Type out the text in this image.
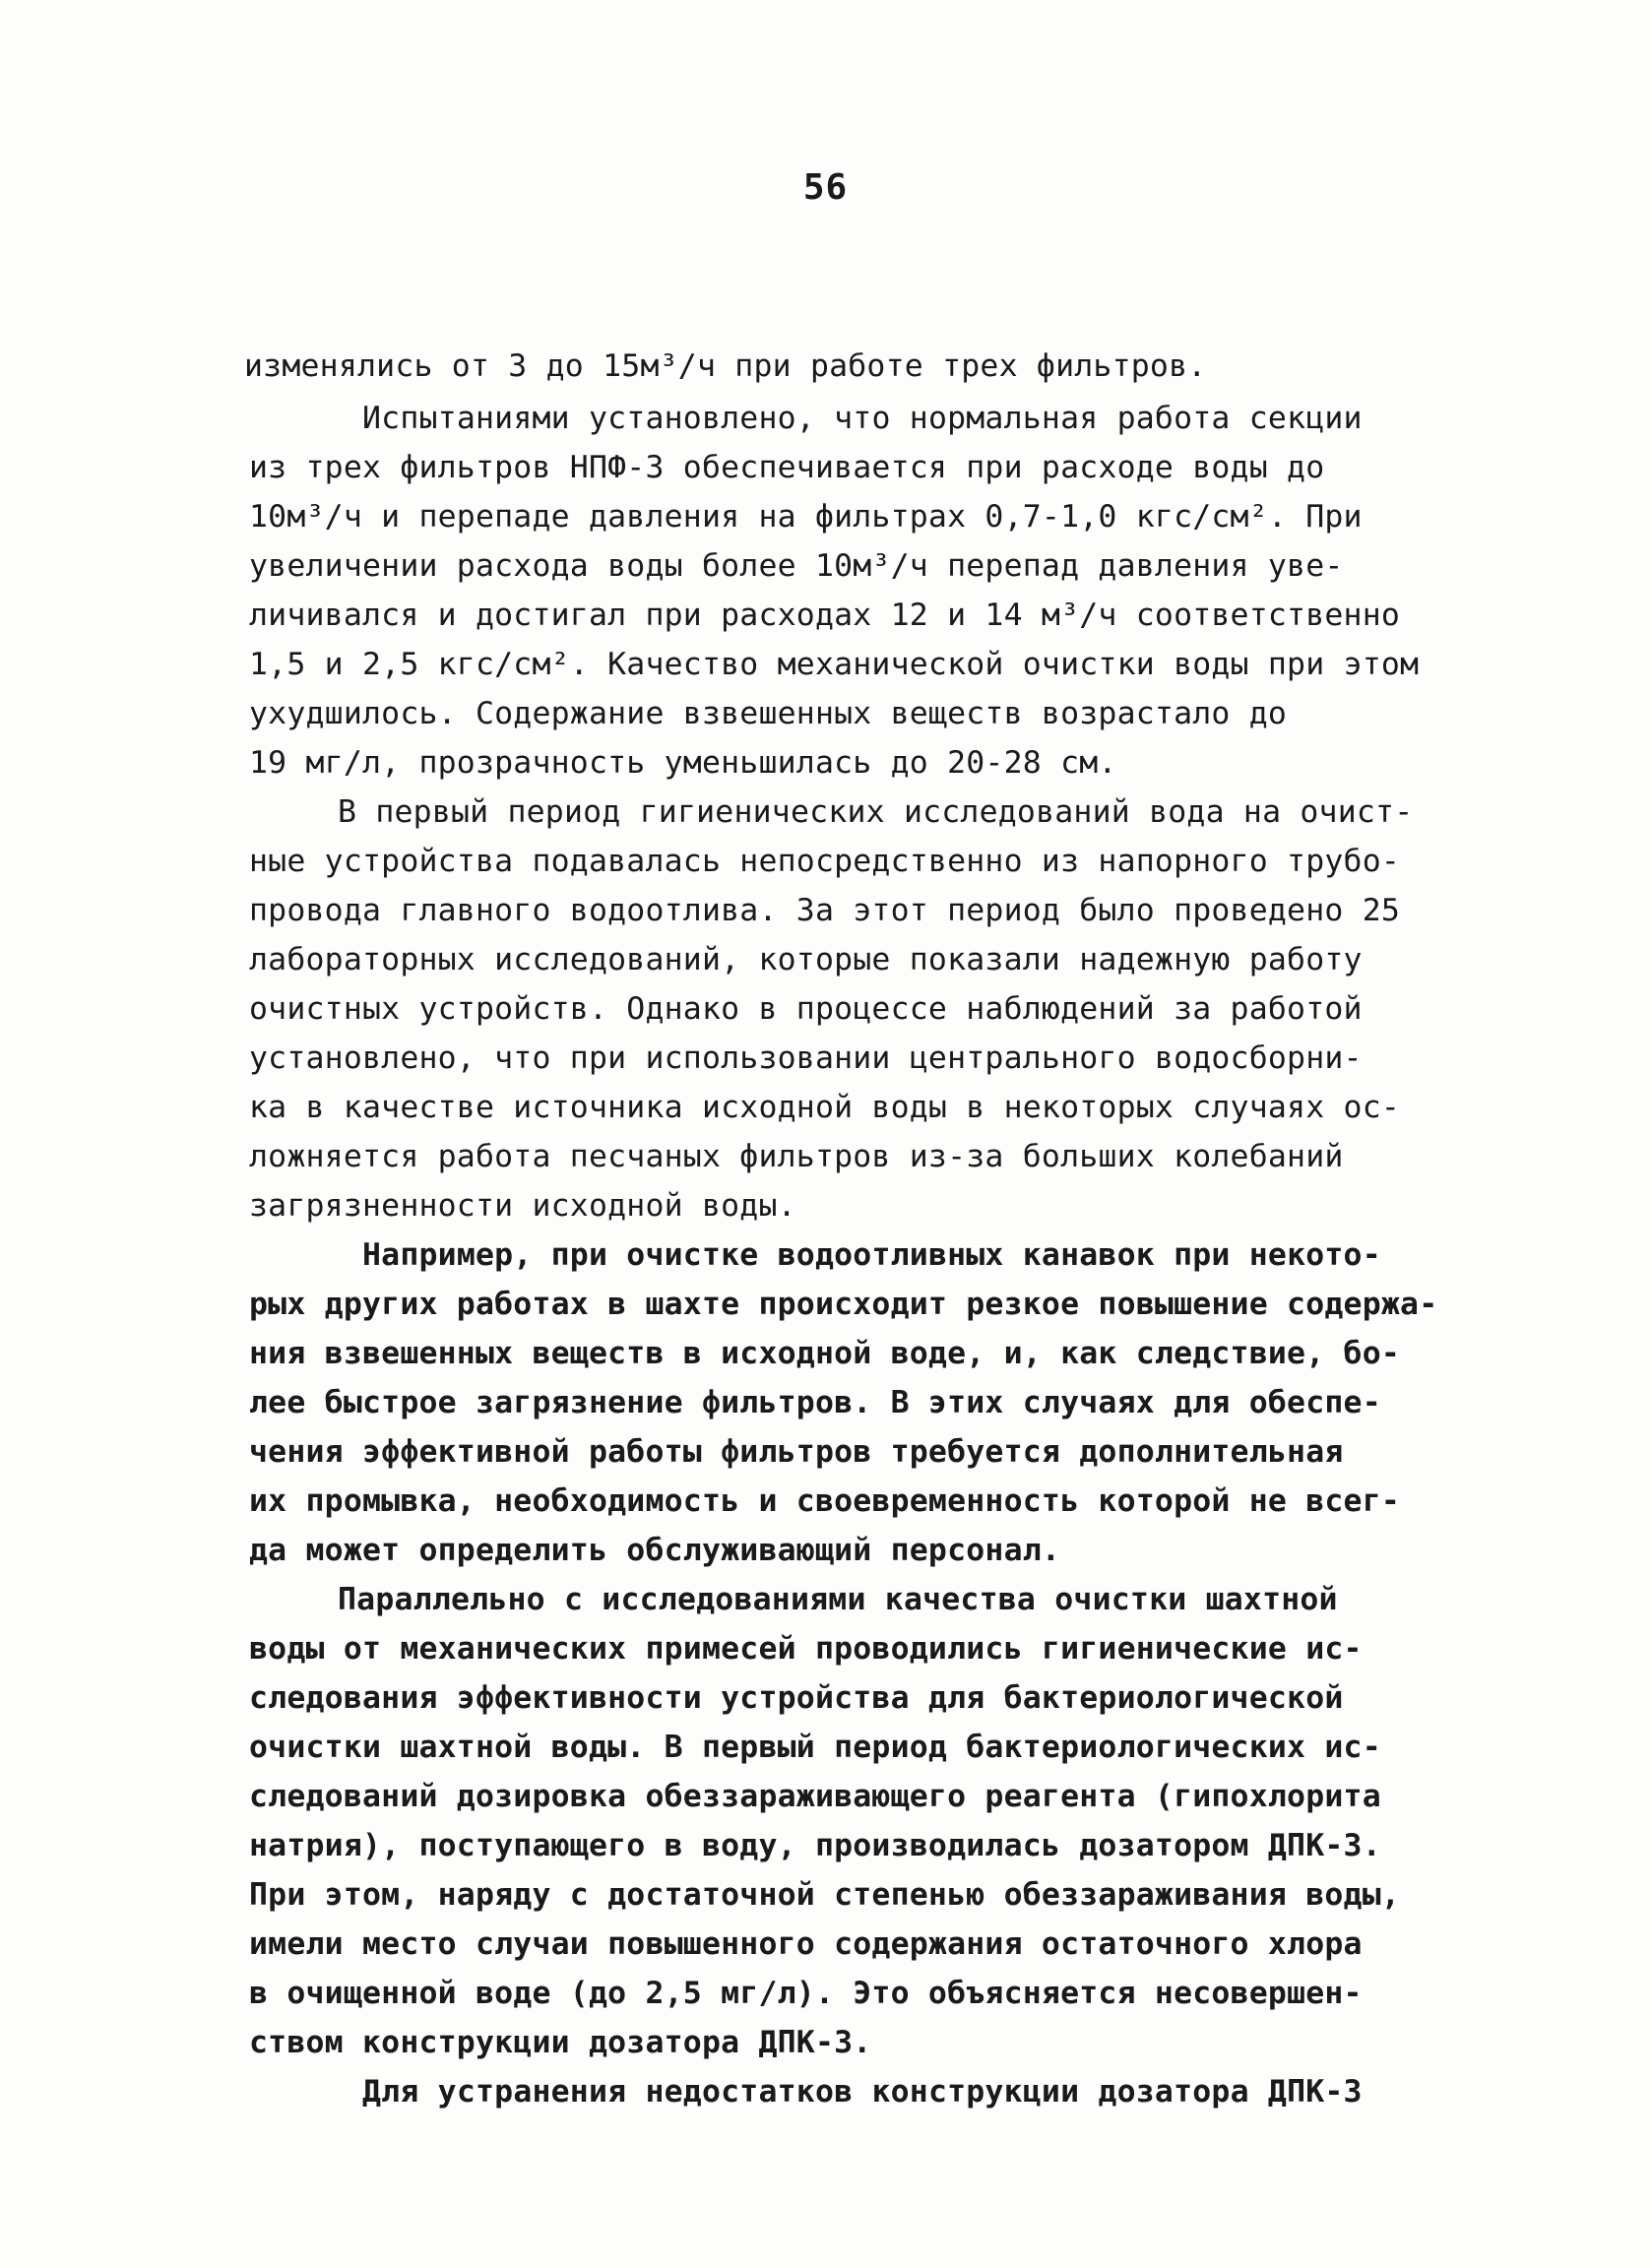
56
изменялись от 3 до 15м³/ч при работе трех фильтров.
Испытаниями установлено, что нормальная работа секции
из трех фильтров НПФ-3 обеспечивается при расходе воды до
10м³/ч и перепаде давления на фильтрах 0,7-1,0 кгс/см². При
увеличении расхода воды более 10м³/ч перепад давления уве-
личивался и достигал при расходах 12 и 14 м³/ч соответственно
1,5 и 2,5 кгс/см². Качество механической очистки воды при этом
ухудшилось. Содержание взвешенных веществ возрастало до
19 мг/л, прозрачность уменьшилась до 20-28 см.
В первый период гигиенических исследований вода на очист-
ные устройства подавалась непосредственно из напорного трубо-
провода главного водоотлива. За этот период было проведено 25
лабораторных исследований, которые показали надежную работу
очистных устройств. Однако в процессе наблюдений за работой
установлено, что при использовании центрального водосборни-
ка в качестве источника исходной воды в некоторых случаях ос-
ложняется работа песчаных фильтров из-за больших колебаний
загрязненности исходной воды.
Например, при очистке водоотливных канавок при некото-
рых других работах в шахте происходит резкое повышение содержа-
ния взвешенных веществ в исходной воде, и, как следствие, бо-
лее быстрое загрязнение фильтров. В этих случаях для обеспе-
чения эффективной работы фильтров требуется дополнительная
их промывка, необходимость и своевременность которой не всег-
да может определить обслуживающий персонал.
Параллельно с исследованиями качества очистки шахтной
воды от механических примесей проводились гигиенические ис-
следования эффективности устройства для бактериологической
очистки шахтной воды. В первый период бактериологических ис-
следований дозировка обеззараживающего реагента (гипохлорита
натрия), поступающего в воду, производилась дозатором ДПК-3.
При этом, наряду с достаточной степенью обеззараживания воды,
имели место случаи повышенного содержания остаточного хлора
в очищенной воде (до 2,5 мг/л). Это объясняется несовершен-
ством конструкции дозатора ДПК-3.
Для устранения недостатков конструкции дозатора ДПК-3
